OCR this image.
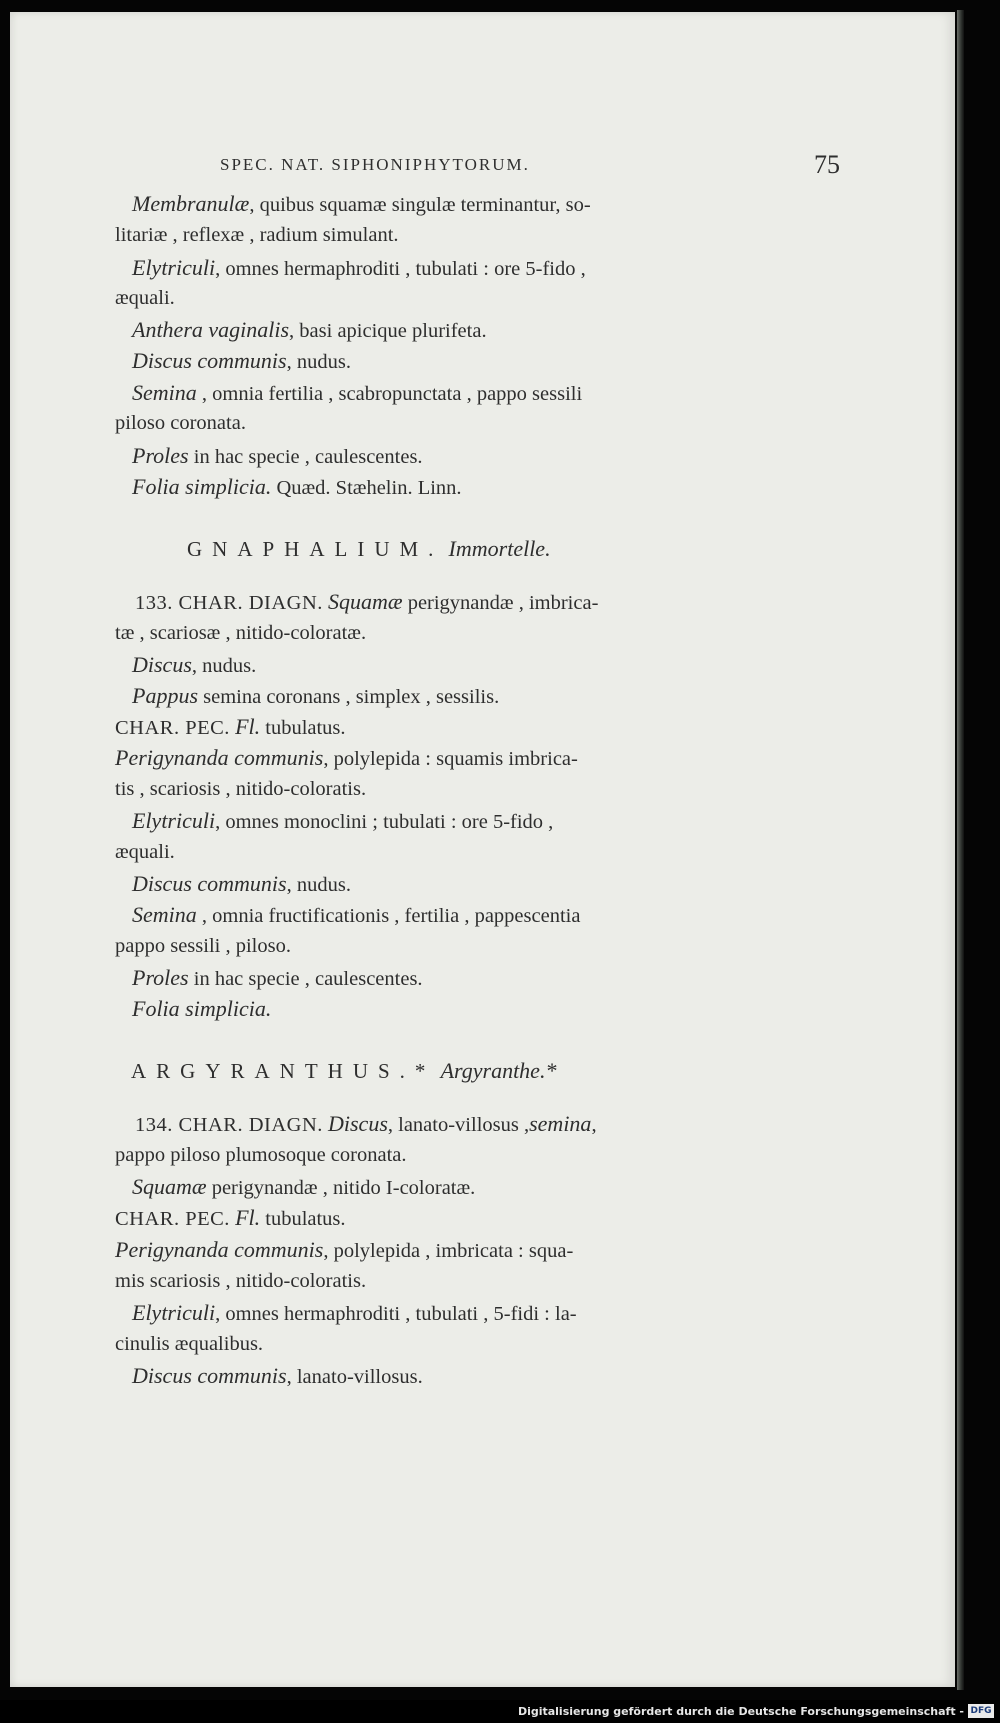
SPEC. NAT. SIPHONIPHYTORUM.	75
Membranulæ, quibus squamæ singulæ terminantur, so-
litariæ , reflexæ , radium simulant.
Elytriculi, omnes hermaphroditi , tubulati : ore 5-fido ,
æquali.
Anthera vaginalis, basi apicique plurifeta.
Discus communis, nudus.
Semina , omnia fertilia , scabropunctata , pappo sessili
piloso coronata.
Proles in hac specie , caulescentes.
Folia simplicia. Quæd. Stæhelin. Linn.
GNAPHALIUM. Immortelle.
133. CHAR. DIAGN. Squamæ perigynandæ , imbrica-
tæ , scariosæ , nitido-coloratæ.
Discus, nudus.
Pappus semina coronans , simplex , sessilis.
CHAR. PEC. Fl. tubulatus.
Perigynanda communis, polylepida : squamis imbrica-
tis , scariosis , nitido-coloratis.
Elytriculi, omnes monoclini ; tubulati : ore 5-fido ,
æquali.
Discus communis, nudus.
Semina , omnia fructificationis , fertilia , pappescentia
pappo sessili , piloso.
Proles in hac specie , caulescentes.
Folia simplicia.
ARGYRANTHUS.* Argyranthe.*
134. CHAR. DIAGN. Discus, lanato-villosus ,semina,
pappo piloso plumosoque coronata.
Squamæ perigynandæ , nitido I-coloratæ.
CHAR. PEC. Fl. tubulatus.
Perigynanda communis, polylepida , imbricata : squa-
mis scariosis , nitido-coloratis.
Elytriculi, omnes hermaphroditi , tubulati , 5-fidi : la-
cinulis æqualibus.
Discus communis, lanato-villosus.
Digitalisierung gefördert durch die Deutsche Forschungsgemeinschaft - DFG
